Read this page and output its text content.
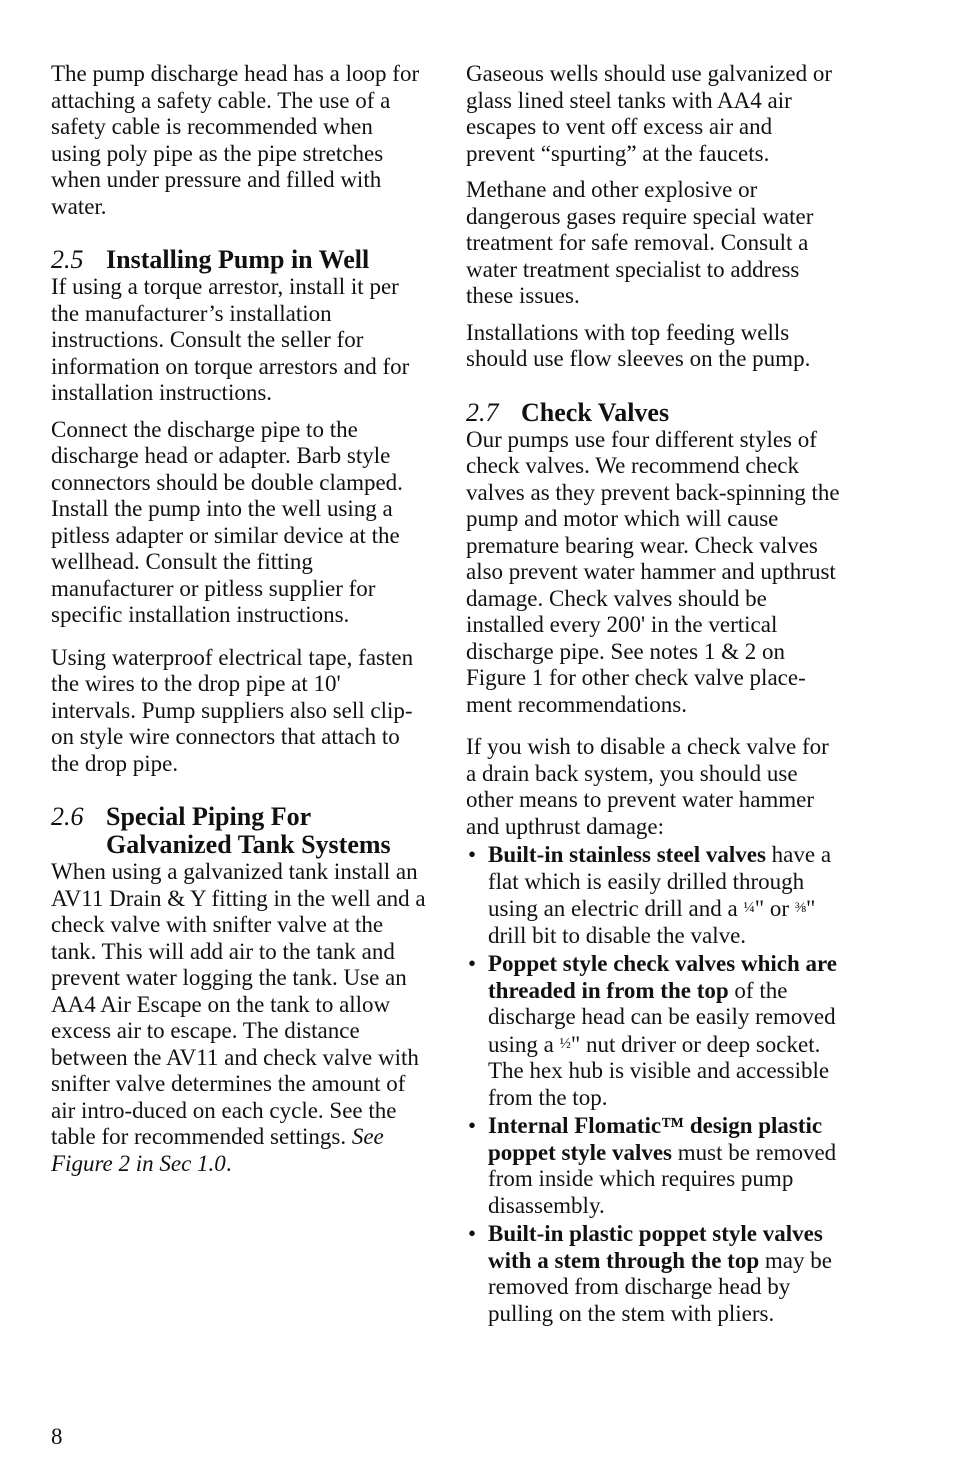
The pump discharge head has a loop for attaching a safety cable. The use of a safety cable is recommended when using poly pipe as the pipe stretches when under pressure and filled with water.

2.5 Installing Pump in Well

If using a torque arrestor, install it per the manufacturer’s installation instructions. Consult the seller for information on torque arrestors and for installation instructions.

Connect the discharge pipe to the discharge head or adapter. Barb style connectors should be double clamped. Install the pump into the well using a pitless adapter or similar device at the wellhead. Consult the fitting manufacturer or pitless supplier for specific installation instructions.

Using waterproof electrical tape, fasten the wires to the drop pipe at 10' intervals. Pump suppliers also sell clip-on style wire connectors that attach to the drop pipe.

2.6 Special Piping For Galvanized Tank Systems

When using a galvanized tank install an AV11 Drain & Y fitting in the well and a check valve with snifter valve at the tank. This will add air to the tank and prevent water logging the tank. Use an AA4 Air Escape on the tank to allow excess air to escape. The distance between the AV11 and check valve with snifter valve determines the amount of air intro-duced on each cycle. See the table for recommended settings. See Figure 2 in Sec 1.0.

Gaseous wells should use galvanized or glass lined steel tanks with AA4 air escapes to vent off excess air and prevent “spurting” at the faucets.

Methane and other explosive or dangerous gases require special water treatment for safe removal. Consult a water treatment specialist to address these issues.

Installations with top feeding wells should use flow sleeves on the pump.

2.7 Check Valves

Our pumps use four different styles of check valves. We recommend check valves as they prevent back-spinning the pump and motor which will cause premature bearing wear. Check valves also prevent water hammer and upthrust damage. Check valves should be installed every 200' in the vertical discharge pipe. See notes 1 & 2 on Figure 1 for other check valve place-ment recommendations.

If you wish to disable a check valve for a drain back system, you should use other means to prevent water hammer and upthrust damage:

• Built-in stainless steel valves have a flat which is easily drilled through using an electric drill and a ¼" or ⅜" drill bit to disable the valve.
• Poppet style check valves which are threaded in from the top of the discharge head can be easily removed using a ½" nut driver or deep socket. The hex hub is visible and accessible from the top.
• Internal Flomatic™ design plastic poppet style valves must be removed from inside which requires pump disassembly.
• Built-in plastic poppet style valves with a stem through the top may be removed from discharge head by pulling on the stem with pliers.
8
